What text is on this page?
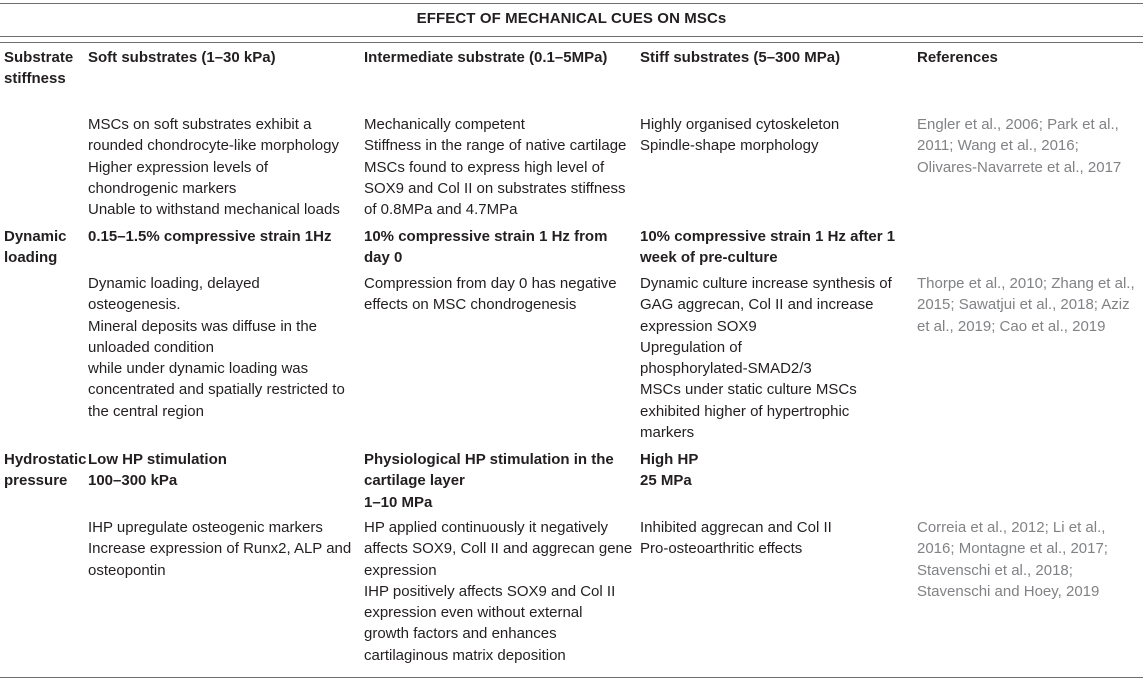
EFFECT OF MECHANICAL CUES ON MSCs
Substrate
stiffness
Soft substrates (1–30 kPa)	Intermediate substrate (0.1–5MPa) Stiff substrates (5–300 MPa)	References
MSCs on soft substrates exhibit a
rounded chondrocyte-like morphology
Higher expression levels of
chondrogenic markers
Unable to withstand mechanical loads
Mechanically competent
Stiffness in the range of native cartilage
MSCs found to express high level of
SOX9 and Col II on substrates stiffness
of 0.8MPa and 4.7MPa
Highly organised cytoskeleton
Spindle-shape morphology
Engler et al., 2006; Park et al.,
2011; Wang et al., 2016;
Olivares-Navarrete et al., 2017
Dynamic
loading
0.15–1.5% compressive strain 1Hz 10% compressive strain 1 Hz from
day 0
10% compressive strain 1 Hz after 1
week of pre-culture
Dynamic loading, delayed
osteogenesis.
Mineral deposits was diffuse in the
unloaded condition
while under dynamic loading was
concentrated and spatially restricted to
the central region
Compression from day 0 has negative
effects on MSC chondrogenesis
Dynamic culture increase synthesis of
GAG aggrecan, Col II and increase
expression SOX9
Upregulation of
phosphorylated-SMAD2/3
MSCs under static culture MSCs
exhibited higher of hypertrophic
markers
Thorpe et al., 2010; Zhang et al.,
2015; Sawatjui et al., 2018; Aziz
et al., 2019; Cao et al., 2019
Hydrostatic
pressure
Low HP stimulation
100–300 kPa
Physiological HP stimulation in the
cartilage layer
1–10 MPa
High HP
25 MPa
IHP upregulate osteogenic markers
Increase expression of Runx2, ALP and
osteopontin
HP applied continuously it negatively
affects SOX9, Coll II and aggrecan gene
expression
IHP positively affects SOX9 and Col II
expression even without external
growth factors and enhances
cartilaginous matrix deposition
Inhibited aggrecan and Col II
Pro-osteoarthritic effects
Correia et al., 2012; Li et al.,
2016; Montagne et al., 2017;
Stavenschi et al., 2018;
Stavenschi and Hoey, 2019
